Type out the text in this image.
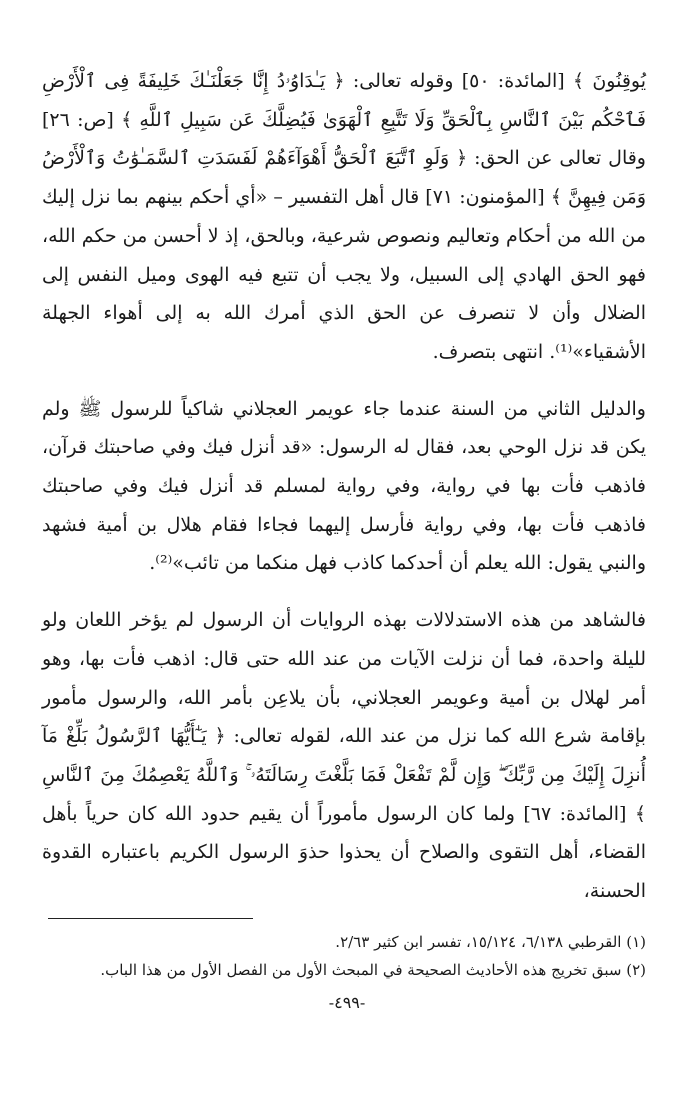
يُوقِنُونَ ﴾ [المائدة: ٥٠] وقوله تعالى: ﴿ يَـٰدَاوُۥدُ إِنَّا جَعَلْنَـٰكَ خَلِيفَةً فِى ٱلْأَرْضِ فَٱحْكُم بَيْنَ ٱلنَّاسِ بِٱلْحَقِّ وَلَا تَتَّبِعِ ٱلْهَوَىٰ فَيُضِلَّكَ عَن سَبِيلِ ٱللَّهِ ﴾ [ص: ٢٦] وقال تعالى عن الحق: ﴿ وَلَوِ ٱتَّبَعَ ٱلْحَقُّ أَهْوَآءَهُمْ لَفَسَدَتِ ٱلسَّمَـٰوَٰتُ وَٱلْأَرْضُ وَمَن فِيهِنَّ ﴾ [المؤمنون: ٧١] قال أهل التفسير – «أي أحكم بينهم بما نزل إليك من الله من أحكام وتعاليم ونصوص شرعية، وبالحق، إذ لا أحسن من حكم الله، فهو الحق الهادي إلى السبيل، ولا يجب أن تتبع فيه الهوى وميل النفس إلى الضلال وأن لا تنصرف عن الحق الذي أمرك الله به إلى أهواء الجهلة الأشقياء»⁽¹⁾. انتهى بتصرف.

والدليل الثاني من السنة عندما جاء عويمر العجلاني شاكياً للرسول ﷺ ولم يكن قد نزل الوحي بعد، فقال له الرسول: «قد أنزل فيك وفي صاحبتك قرآن، فاذهب فأت بها في رواية، وفي رواية لمسلم قد أنزل فيك وفي صاحبتك فاذهب فأت بها، وفي رواية فأرسل إليهما فجاءا فقام هلال بن أمية فشهد والنبي يقول: الله يعلم أن أحدكما كاذب فهل منكما من تائب»⁽²⁾.

فالشاهد من هذه الاستدلالات بهذه الروايات أن الرسول لم يؤخر اللعان ولو لليلة واحدة، فما أن نزلت الآيات من عند الله حتى قال: اذهب فأت بها، وهو أمر لهلال بن أمية وعويمر العجلاني، بأن يلاعِن بأمر الله، والرسول مأمور بإقامة شرع الله كما نزل من عند الله، لقوله تعالى: ﴿ يَـٰٓأَيُّهَا ٱلرَّسُولُ بَلِّغْ مَآ أُنزِلَ إِلَيْكَ مِن رَّبِّكَ ۖ وَإِن لَّمْ تَفْعَلْ فَمَا بَلَّغْتَ رِسَالَتَهُۥ ۚ وَٱللَّهُ يَعْصِمُكَ مِنَ ٱلنَّاسِ ﴾ [المائدة: ٦٧] ولما كان الرسول مأموراً أن يقيم حدود الله كان حرياً بأهل القضاء، أهل التقوى والصلاح أن يحذوا حذوَ الرسول الكريم باعتباره القدوة الحسنة،

(١) القرطبي ٦/١٣٨، ١٥/١٢٤، تفسر ابن كثير ٢/٦٣.
(٢) سبق تخريج هذه الأحاديث الصحيحة في المبحث الأول من الفصل الأول من هذا الباب.
-٤٩٩-
